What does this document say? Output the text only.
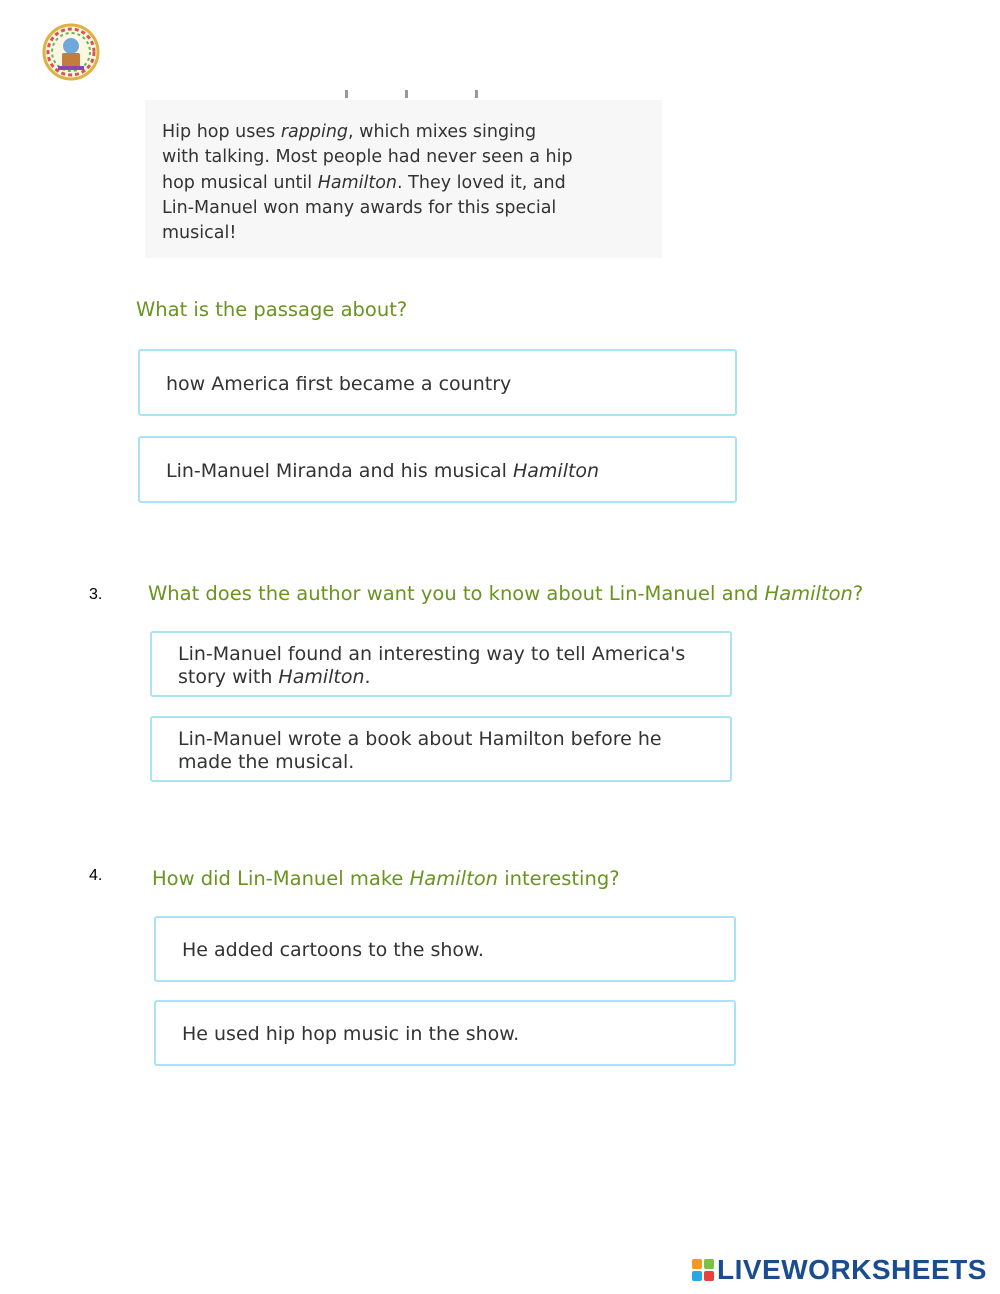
Hip hop uses rapping, which mixes singing
with talking. Most people had never seen a hip
hop musical until Hamilton. They loved it, and
Lin-Manuel won many awards for this special
musical!
What is the passage about?
how America first became a country
Lin-Manuel Miranda and his musical Hamilton
3. What does the author want you to know about Lin-Manuel and Hamilton?
Lin-Manuel found an interesting way to tell America's
story with Hamilton.
Lin-Manuel wrote a book about Hamilton before he
made the musical.
4.	How did Lin-Manuel make Hamilton interesting?
He added cartoons to the show.
He used hip hop music in the show.
LIVEWORKSHEETS
